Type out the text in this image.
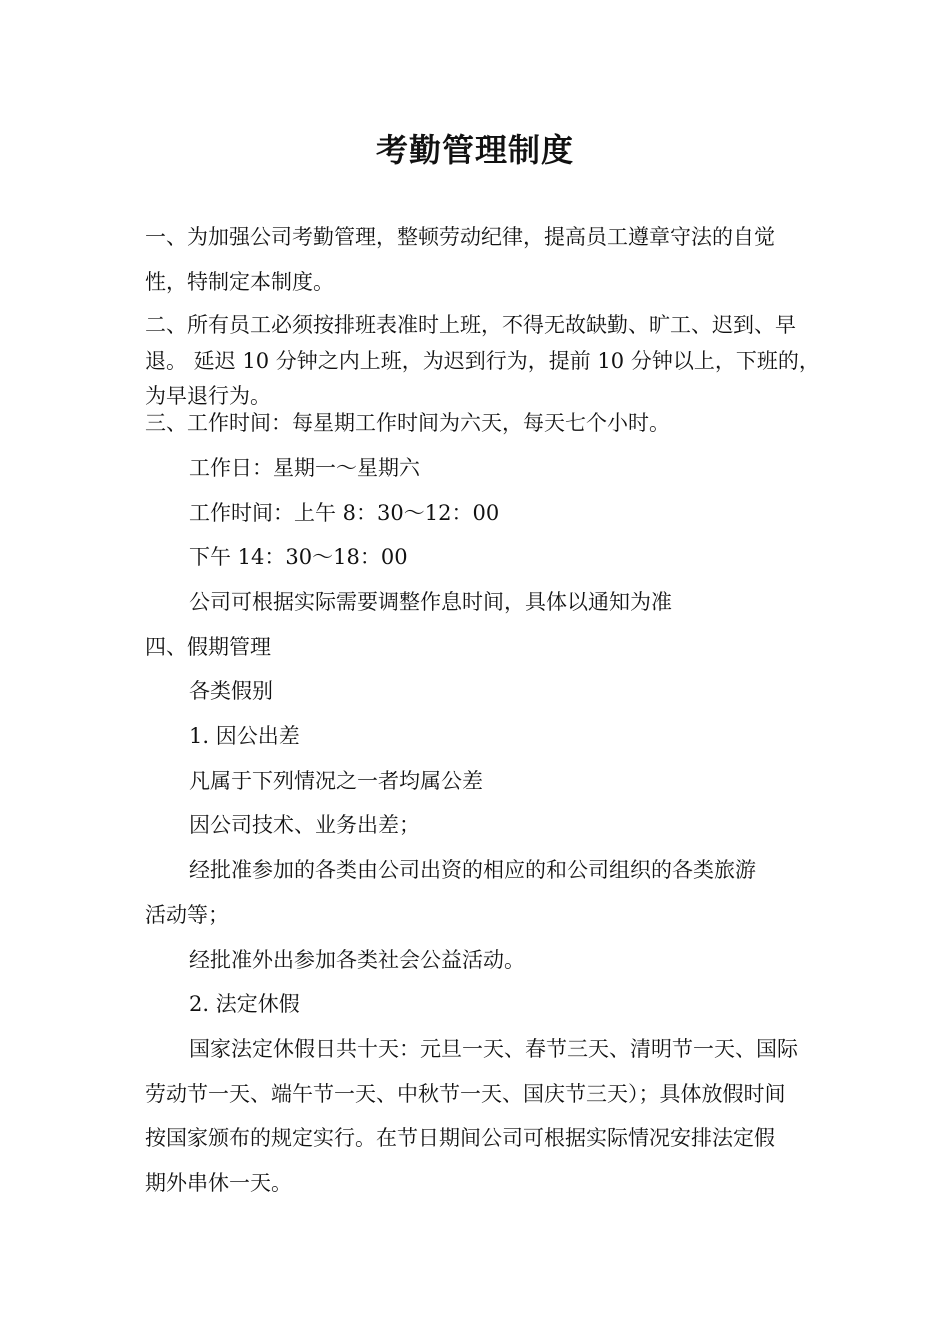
考勤管理制度

一、为加强公司考勤管理，整顿劳动纪律，提高员工遵章守法的自觉

性，特制定本制度。

二、所有员工必须按排班表准时上班，不得无故缺勤、旷工、迟到、早

退。 延迟 10 分钟之内上班，为迟到行为，提前 10 分钟以上，下班的，

为早退行为。

三、工作时间：每星期工作时间为六天，每天七个小时。

工作日：星期一～星期六

工作时间：上午 8：30～12：00

下午 14：30～18：00

公司可根据实际需要调整作息时间，具体以通知为准

四、假期管理

各类假别

1. 因公出差

凡属于下列情况之一者均属公差

因公司技术、业务出差；

经批准参加的各类由公司出资的相应的和公司组织的各类旅游

活动等；

经批准外出参加各类社会公益活动。

2. 法定休假

国家法定休假日共十天：元旦一天、春节三天、清明节一天、国际

劳动节一天、端午节一天、中秋节一天、国庆节三天）；具体放假时间

按国家颁布的规定实行。在节日期间公司可根据实际情况安排法定假

期外串休一天。
